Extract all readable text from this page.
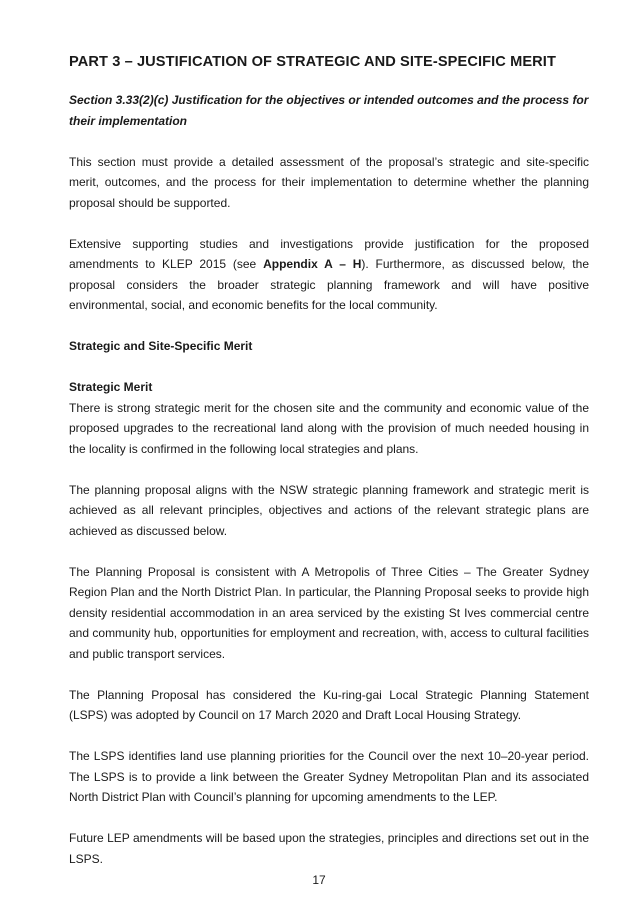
PART 3 – JUSTIFICATION OF STRATEGIC AND SITE-SPECIFIC MERIT
Section 3.33(2)(c) Justification for the objectives or intended outcomes and the process for their implementation

This section must provide a detailed assessment of the proposal’s strategic and site-specific merit, outcomes, and the process for their implementation to determine whether the planning proposal should be supported.

Extensive supporting studies and investigations provide justification for the proposed amendments to KLEP 2015 (see Appendix A – H). Furthermore, as discussed below, the proposal considers the broader strategic planning framework and will have positive environmental, social, and economic benefits for the local community.

Strategic and Site-Specific Merit
Strategic Merit

There is strong strategic merit for the chosen site and the community and economic value of the proposed upgrades to the recreational land along with the provision of much needed housing in the locality is confirmed in the following local strategies and plans.

The planning proposal aligns with the NSW strategic planning framework and strategic merit is achieved as all relevant principles, objectives and actions of the relevant strategic plans are achieved as discussed below.

The Planning Proposal is consistent with A Metropolis of Three Cities – The Greater Sydney Region Plan and the North District Plan. In particular, the Planning Proposal seeks to provide high density residential accommodation in an area serviced by the existing St Ives commercial centre and community hub, opportunities for employment and recreation, with, access to cultural facilities and public transport services.

The Planning Proposal has considered the Ku-ring-gai Local Strategic Planning Statement (LSPS) was adopted by Council on 17 March 2020 and Draft Local Housing Strategy.

The LSPS identifies land use planning priorities for the Council over the next 10–20-year period. The LSPS is to provide a link between the Greater Sydney Metropolitan Plan and its associated North District Plan with Council’s planning for upcoming amendments to the LEP.

Future LEP amendments will be based upon the strategies, principles and directions set out in the LSPS.

17
